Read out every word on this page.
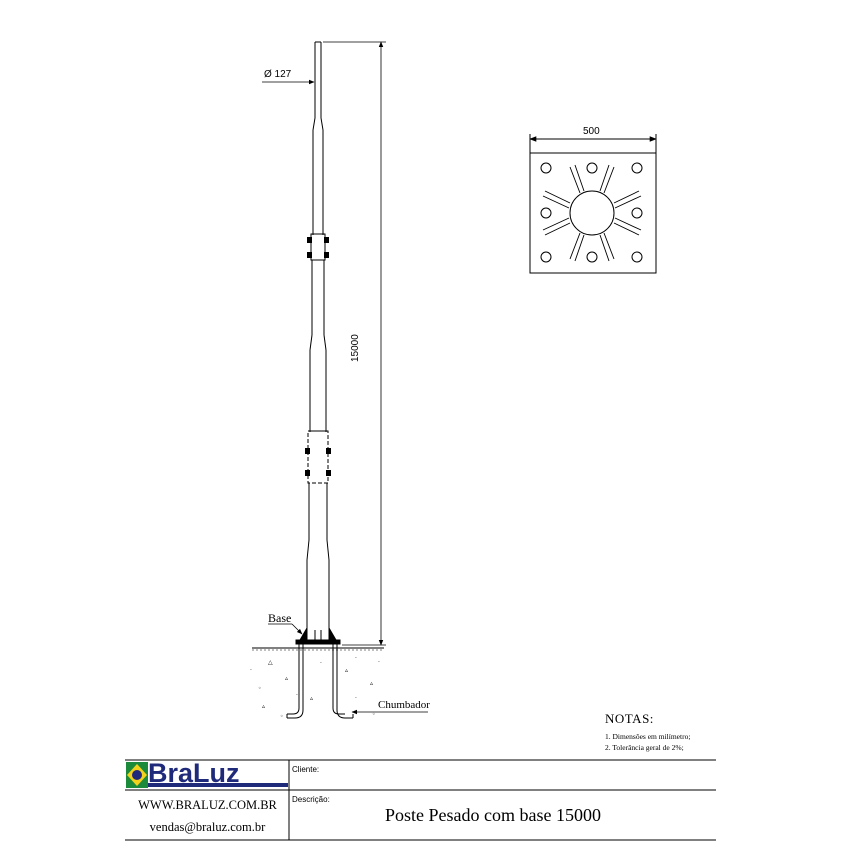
△
·
◦
▵
▵
▵
·
◦
◦
·
▵
▵
·
·
·
Ø 127
15000
500
Base
Chumbador
NOTAS:
1. Dimensões em milímetro;
2. Tolerância geral de 2%;
BraLuz
WWW.BRALUZ.COM.BR
vendas@braluz.com.br
Cliente:
Descrição:
Poste Pesado com base 15000
